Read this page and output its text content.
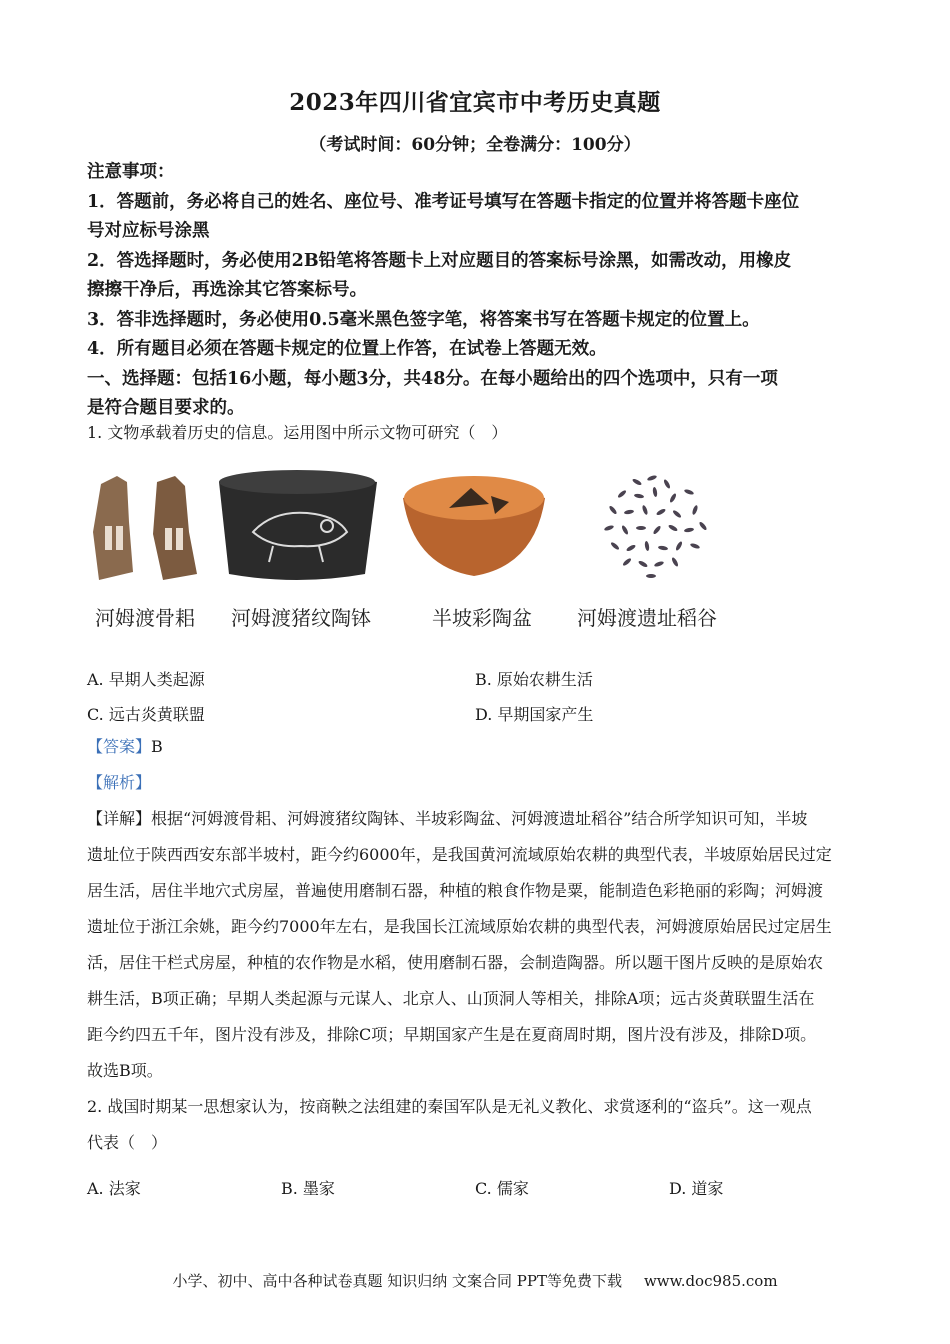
2023年四川省宜宾市中考历史真题
（考试时间：60分钟；全卷满分：100分）

注意事项：

1．答题前，务必将自己的姓名、座位号、准考证号填写在答题卡指定的位置并将答题卡座位

号对应标号涂黑

2．答选择题时，务必使用2B铅笔将答题卡上对应题目的答案标号涂黑，如需改动，用橡皮

擦擦干净后，再选涂其它答案标号。

3．答非选择题时，务必使用0.5毫米黑色签字笔，将答案书写在答题卡规定的位置上。

4．所有题目必须在答题卡规定的位置上作答，在试卷上答题无效。

一、选择题：包括16小题，每小题3分，共48分。在每小题给出的四个选项中，只有一项

是符合题目要求的。

1. 文物承载着历史的信息。运用图中所示文物可研究（　）

河姆渡骨耜 河姆渡猪纹陶钵	半坡彩陶盆 河姆渡遗址稻谷
A. 早期人类起源	B. 原始农耕生活
C. 远古炎黄联盟	D. 早期国家产生

【答案】B

【解析】

【详解】根据“河姆渡骨耜、河姆渡猪纹陶钵、半坡彩陶盆、河姆渡遗址稻谷”结合所学知识可知，半坡

遗址位于陕西西安东部半坡村，距今约6000年，是我国黄河流域原始农耕的典型代表，半坡原始居民过定

居生活，居住半地穴式房屋，普遍使用磨制石器，种植的粮食作物是粟，能制造色彩艳丽的彩陶；河姆渡

遗址位于浙江余姚，距今约7000年左右，是我国长江流域原始农耕的典型代表，河姆渡原始居民过定居生

活，居住干栏式房屋，种植的农作物是水稻，使用磨制石器，会制造陶器。所以题干图片反映的是原始农

耕生活，B项正确；早期人类起源与元谋人、北京人、山顶洞人等相关，排除A项；远古炎黄联盟生活在

距今约四五千年，图片没有涉及，排除C项；早期国家产生是在夏商周时期，图片没有涉及，排除D项。

故选B项。

2. 战国时期某一思想家认为，按商鞅之法组建的秦国军队是无礼义教化、求赏逐利的“盗兵”。这一观点

代表（　）

A. 法家	B. 墨家	C. 儒家	D. 道家
小学、初中、高中各种试卷真题 知识归纳 文案合同 PPT等免费下载 www.doc985.com
